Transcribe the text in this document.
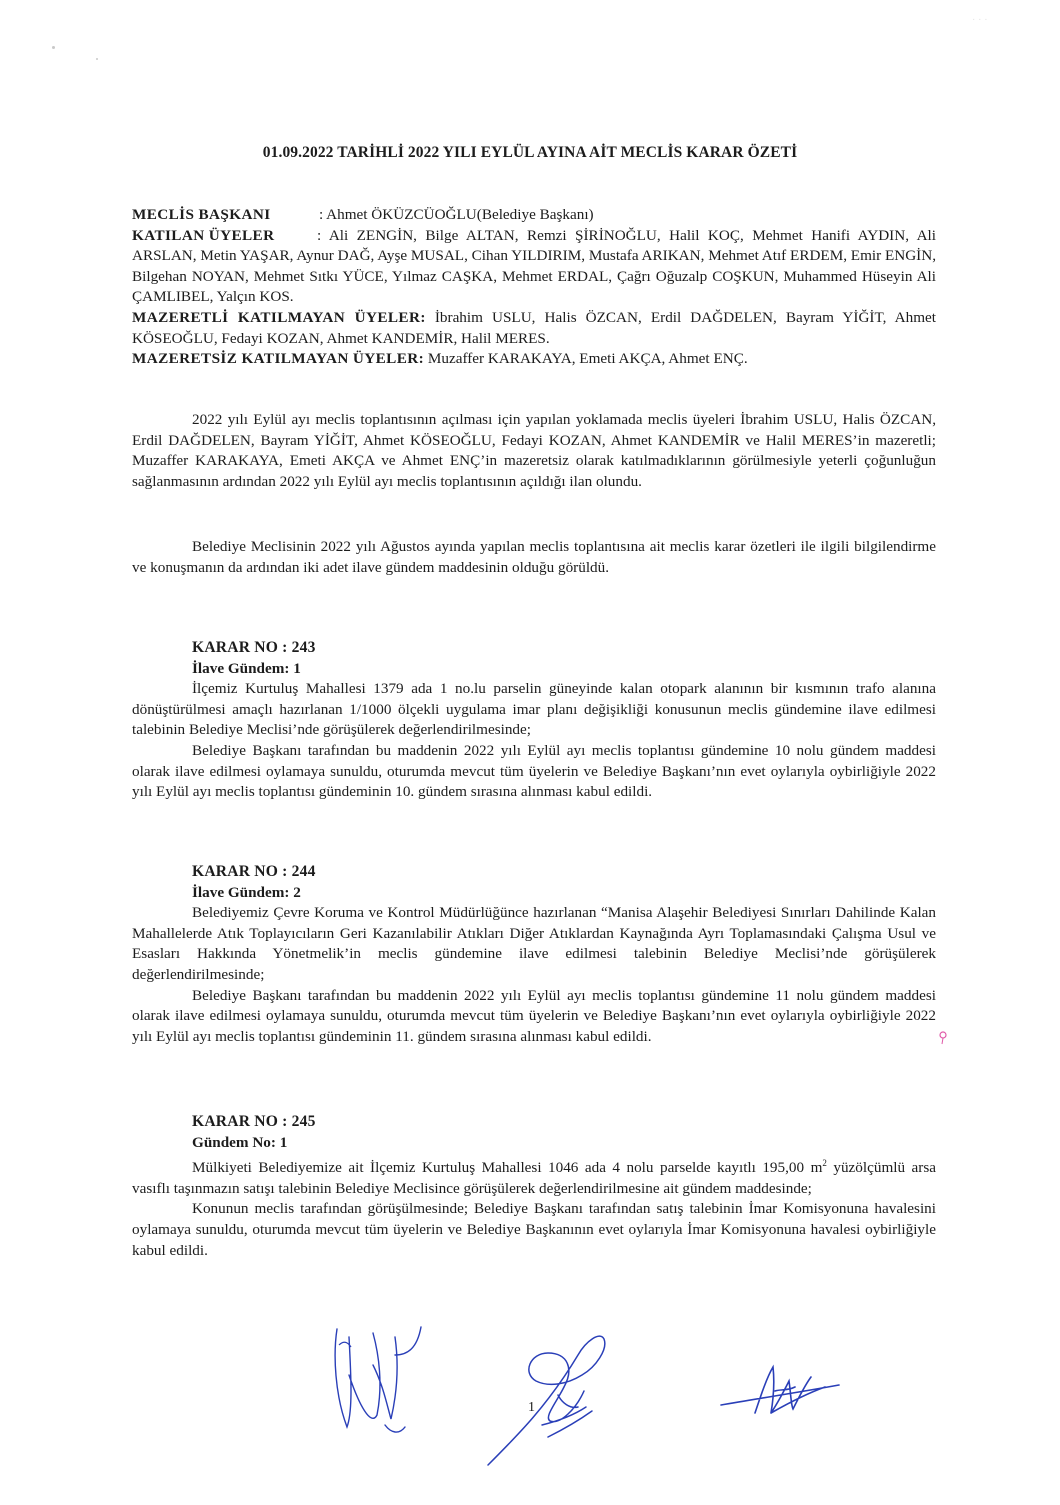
· · ·
01.09.2022 TARİHLİ 2022 YILI EYLÜL AYINA AİT MECLİS KARAR ÖZETİ

MECLİS BAŞKANI	: Ahmet ÖKÜZCÜOĞLU(Belediye Başkanı)

KATILAN ÜYELER	: Ali ZENGİN, Bilge ALTAN, Remzi ŞİRİNOĞLU, Halil KOÇ, Mehmet Hanifi AYDIN, Ali ARSLAN, Metin YAŞAR, Aynur DAĞ, Ayşe MUSAL, Cihan YILDIRIM, Mustafa ARIKAN, Mehmet Atıf ERDEM, Emir ENGİN, Bilgehan NOYAN, Mehmet Sıtkı YÜCE, Yılmaz CAŞKA, Mehmet ERDAL, Çağrı Oğuzalp COŞKUN, Muhammed Hüseyin Ali ÇAMLIBEL, Yalçın KOS.

MAZERETLİ KATILMAYAN ÜYELER: İbrahim USLU, Halis ÖZCAN, Erdil DAĞDELEN, Bayram YİĞİT, Ahmet KÖSEOĞLU, Fedayi KOZAN, Ahmet KANDEMİR, Halil MERES.

MAZERETSİZ KATILMAYAN ÜYELER: Muzaffer KARAKAYA, Emeti AKÇA, Ahmet ENÇ.

2022 yılı Eylül ayı meclis toplantısının açılması için yapılan yoklamada meclis üyeleri İbrahim USLU, Halis ÖZCAN, Erdil DAĞDELEN, Bayram YİĞİT, Ahmet KÖSEOĞLU, Fedayi KOZAN, Ahmet KANDEMİR ve Halil MERES’in mazeretli; Muzaffer KARAKAYA, Emeti AKÇA ve Ahmet ENÇ’in mazeretsiz olarak katılmadıklarının görülmesiyle yeterli çoğunluğun sağlanmasının ardından 2022 yılı Eylül ayı meclis toplantısının açıldığı ilan olundu.

Belediye Meclisinin 2022 yılı Ağustos ayında yapılan meclis toplantısına ait meclis karar özetleri ile ilgili bilgilendirme ve konuşmanın da ardından iki adet ilave gündem maddesinin olduğu görüldü.

KARAR NO : 243

İlave Gündem: 1

İlçemiz Kurtuluş Mahallesi 1379 ada 1 no.lu parselin güneyinde kalan otopark alanının bir kısmının trafo alanına dönüştürülmesi amaçlı hazırlanan 1/1000 ölçekli uygulama imar planı değişikliği konusunun meclis gündemine ilave edilmesi talebinin Belediye Meclisi’nde görüşülerek değerlendirilmesinde;

Belediye Başkanı tarafından bu maddenin 2022 yılı Eylül ayı meclis toplantısı gündemine 10 nolu gündem maddesi olarak ilave edilmesi oylamaya sunuldu, oturumda mevcut tüm üyelerin ve Belediye Başkanı’nın evet oylarıyla oybirliğiyle 2022 yılı Eylül ayı meclis toplantısı gündeminin 10. gündem sırasına alınması kabul edildi.

KARAR NO : 244

İlave Gündem: 2

Belediyemiz Çevre Koruma ve Kontrol Müdürlüğünce hazırlanan “Manisa Alaşehir Belediyesi Sınırları Dahilinde Kalan Mahallelerde Atık Toplayıcıların Geri Kazanılabilir Atıkları Diğer Atıklardan Kaynağında Ayrı Toplamasındaki Çalışma Usul ve Esasları Hakkında Yönetmelik’in meclis gündemine ilave edilmesi talebinin Belediye Meclisi’nde görüşülerek değerlendirilmesinde;

Belediye Başkanı tarafından bu maddenin 2022 yılı Eylül ayı meclis toplantısı gündemine 11 nolu gündem maddesi olarak ilave edilmesi oylamaya sunuldu, oturumda mevcut tüm üyelerin ve Belediye Başkanı’nın evet oylarıyla oybirliğiyle 2022 yılı Eylül ayı meclis toplantısı gündeminin 11. gündem sırasına alınması kabul edildi.

KARAR NO : 245

Gündem No: 1

Mülkiyeti Belediyemize ait İlçemiz Kurtuluş Mahallesi 1046 ada 4 nolu parselde kayıtlı 195,00 $m^2$ yüzölçümlü arsa vasıflı taşınmazın satışı talebinin Belediye Meclisince görüşülerek değerlendirilmesine ait gündem maddesinde;

Konunun meclis tarafından görüşülmesinde; Belediye Başkanı tarafından satış talebinin İmar Komisyonuna havalesini oylamaya sunuldu, oturumda mevcut tüm üyelerin ve Belediye Başkanının evet oylarıyla İmar Komisyonuna havalesi oybirliğiyle kabul edildi.

1
